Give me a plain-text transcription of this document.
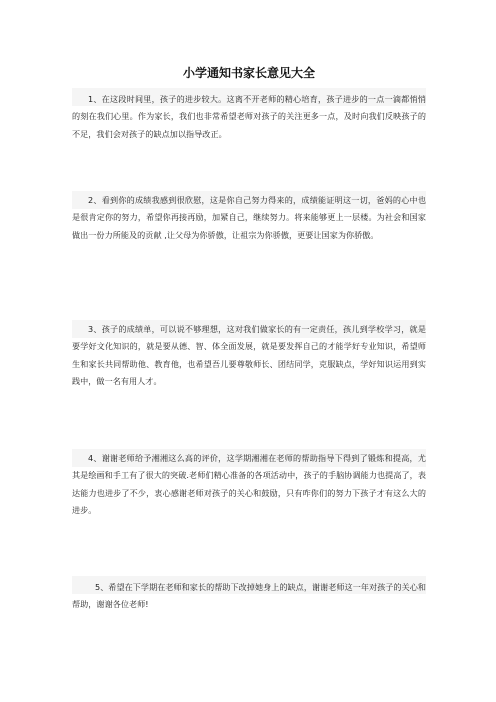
小学通知书家长意见大全
1、在这段时间里，孩子的进步较大。这离不开老师的精心培育，孩子进步的一点一滴都悄悄的刻在我们心里。作为家长，我们也非常希望老师对孩子的关注更多一点，及时向我们反映孩子的不足，我们会对孩子的缺点加以指导改正。
2、看到你的成绩我感到很欣慰，这是你自己努力得来的，成绩能证明这一切，爸妈的心中也是很肯定你的努力，希望你再接再励，加紧自己，继续努力。将来能够更上一层楼。为社会和国家做出一份力所能及的贡献 ,让父母为你骄傲，让祖宗为你骄傲，更要让国家为你骄傲。
3、孩子的成绩单，可以说不够理想，这对我们做家长的有一定责任，孩儿到学校学习，就是要学好文化知识的，就是要从德、智、体全面发展，就是要发挥自己的才能学好专业知识，希望师生和家长共同帮助他、教育他，也希望吾儿要尊敬师长、团结同学，克服缺点，学好知识运用到实践中，做一名有用人才。
4、谢谢老师给予湘湘这么高的评价，这学期湘湘在老师的帮助指导下得到了锻炼和提高，尤其是绘画和手工有了很大的突破.老师们精心准备的各项活动中，孩子的手脑协调能力也提高了，表达能力也进步了不少，衷心感谢老师对孩子的关心和鼓励，只有咋你们的努力下孩子才有这么大的进步。
5、希望在下学期在老师和家长的帮助下改掉她身上的缺点，谢谢老师这一年对孩子的关心和帮助，谢谢各位老师!
